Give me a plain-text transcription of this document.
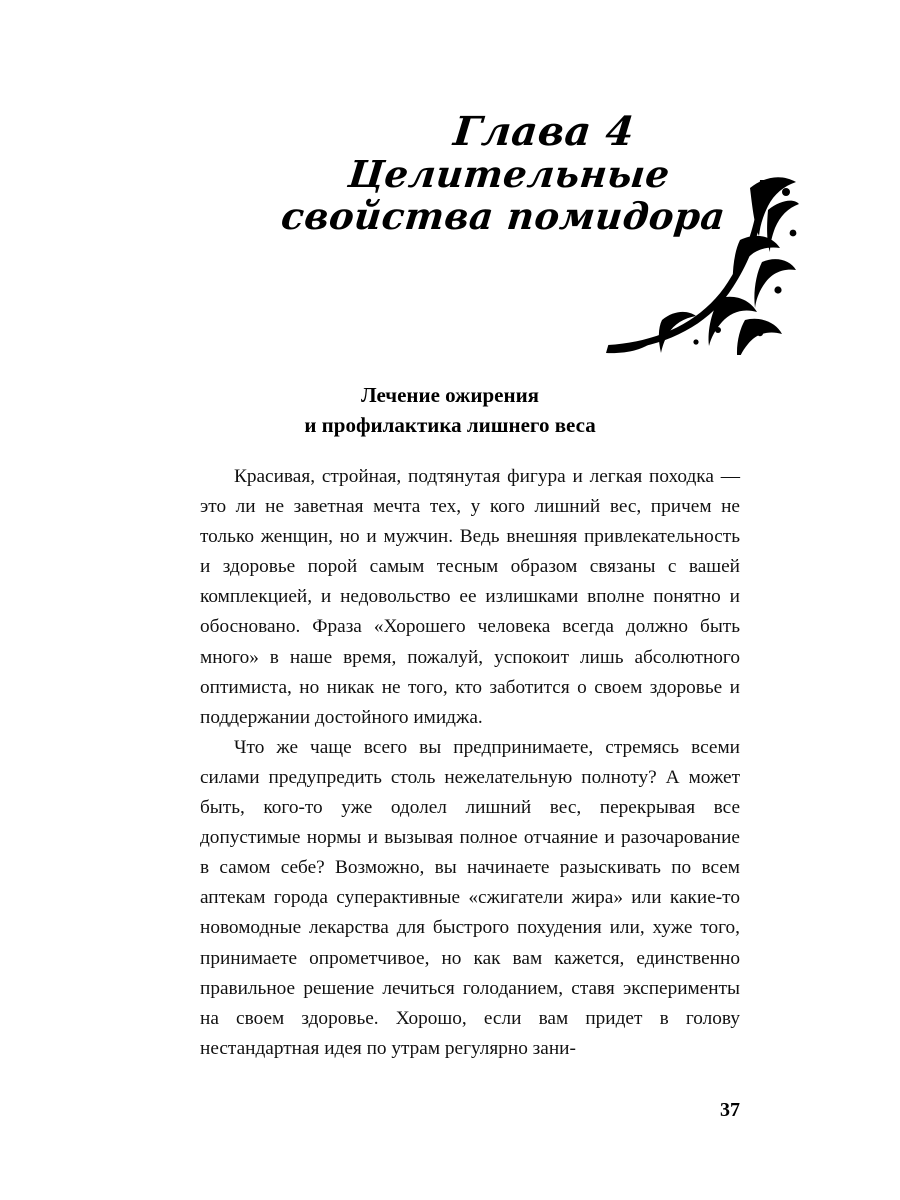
Глава 4
Целительные
свойства помидора
Лечение ожирения
и профилактика лишнего веса

Красивая, стройная, подтянутая фигура и легкая походка — это ли не заветная мечта тех, у кого лишний вес, причем не только женщин, но и мужчин. Ведь внешняя привлекательность и здоровье порой самым тесным образом связаны с вашей комплекцией, и недовольство ее излишками вполне понятно и обосновано. Фраза «Хорошего человека всегда должно быть много» в наше время, пожалуй, успокоит лишь абсолютного оптимиста, но никак не того, кто заботится о своем здоровье и поддержании достойного имиджа.

Что же чаще всего вы предпринимаете, стремясь всеми силами предупредить столь нежелательную полноту? А может быть, кого-то уже одолел лишний вес, перекрывая все допустимые нормы и вызывая полное отчаяние и разочарование в самом себе? Возможно, вы начинаете разыскивать по всем аптекам города суперактивные «сжигатели жира» или какие-то новомодные лекарства для быстрого похудения или, хуже того, принимаете опрометчивое, но как вам кажется, единственно правильное решение лечиться голоданием, ставя эксперименты на своем здоровье. Хорошо, если вам придет в голову нестандартная идея по утрам регулярно зани-

37
